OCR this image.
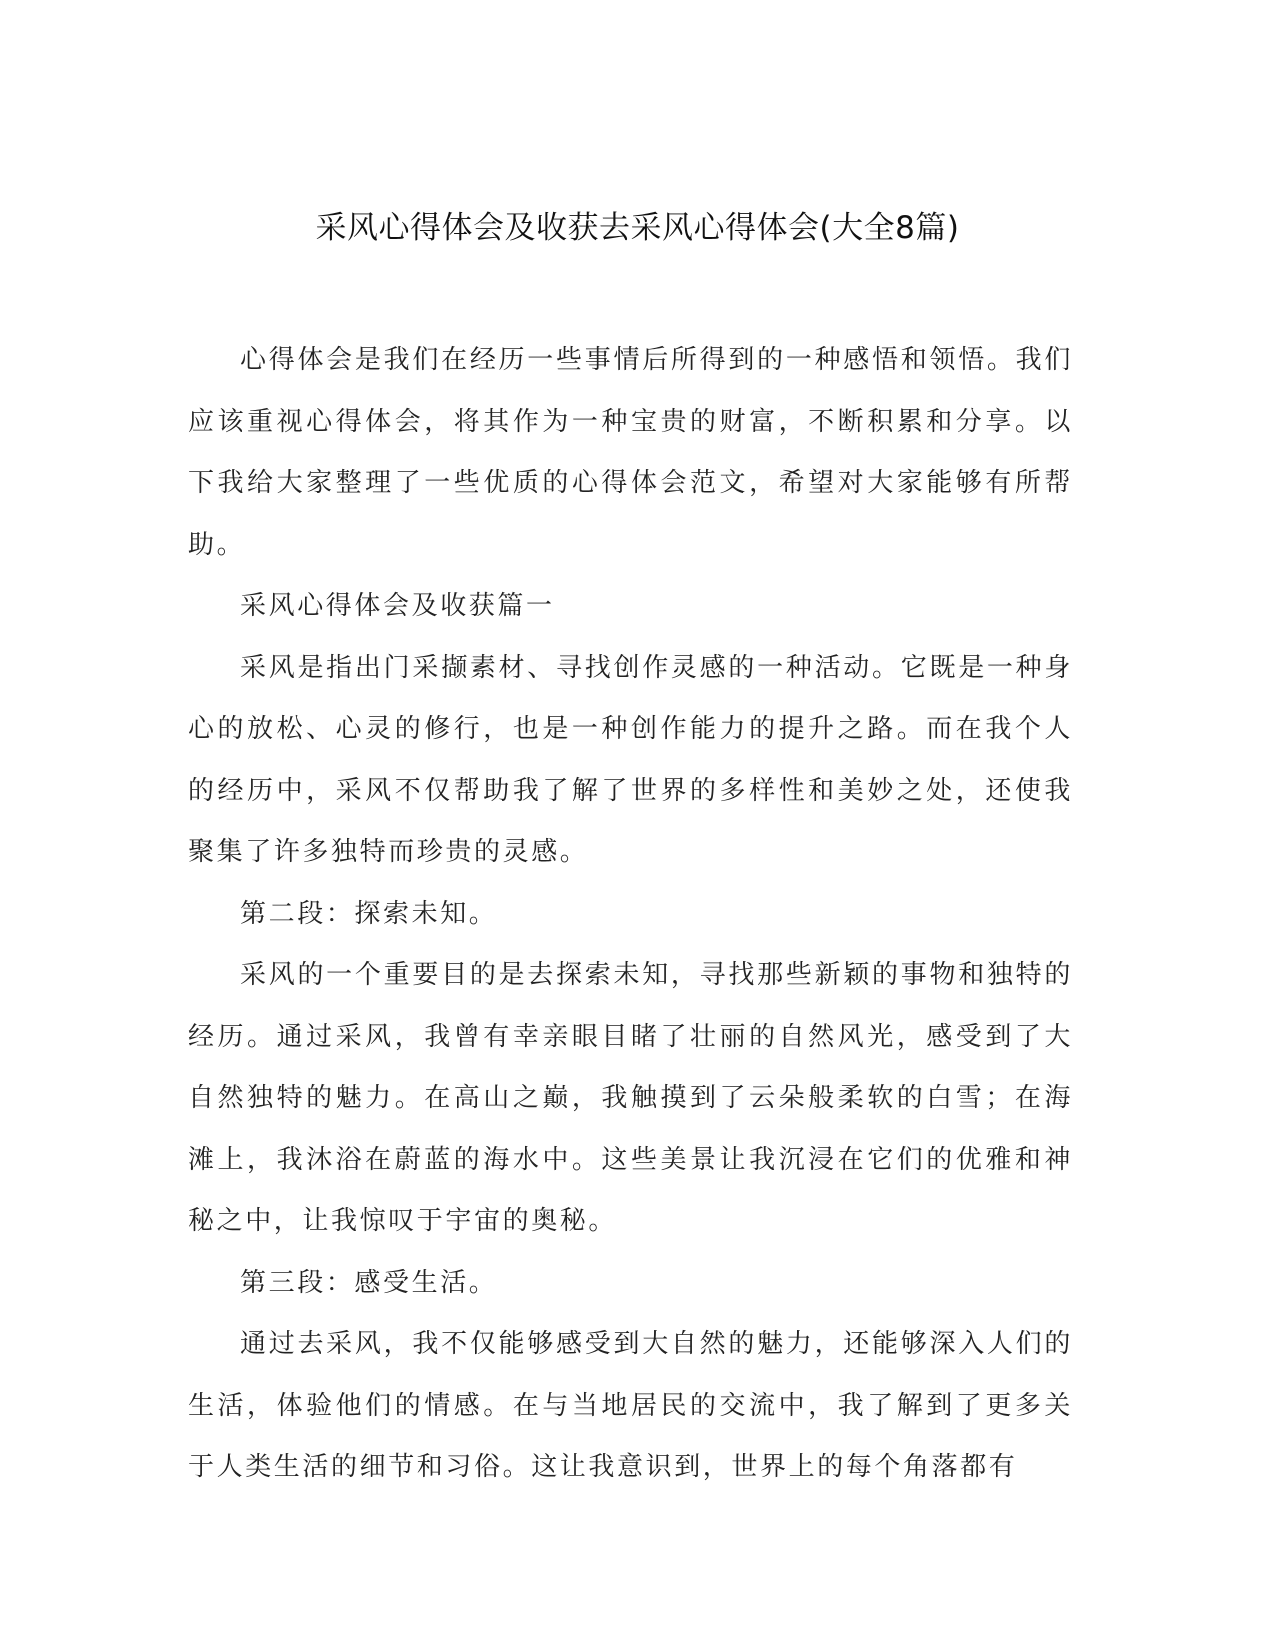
采风心得体会及收获去采风心得体会(大全8篇)

心得体会是我们在经历一些事情后所得到的一种感悟和领悟。我们应该重视心得体会，将其作为一种宝贵的财富，不断积累和分享。以下我给大家整理了一些优质的心得体会范文，希望对大家能够有所帮助。

采风心得体会及收获篇一

采风是指出门采撷素材、寻找创作灵感的一种活动。它既是一种身心的放松、心灵的修行，也是一种创作能力的提升之路。而在我个人的经历中，采风不仅帮助我了解了世界的多样性和美妙之处，还使我聚集了许多独特而珍贵的灵感。

第二段：探索未知。

采风的一个重要目的是去探索未知，寻找那些新颖的事物和独特的经历。通过采风，我曾有幸亲眼目睹了壮丽的自然风光，感受到了大自然独特的魅力。在高山之巅，我触摸到了云朵般柔软的白雪；在海滩上，我沐浴在蔚蓝的海水中。这些美景让我沉浸在它们的优雅和神秘之中，让我惊叹于宇宙的奥秘。

第三段：感受生活。

通过去采风，我不仅能够感受到大自然的魅力，还能够深入人们的生活，体验他们的情感。在与当地居民的交流中，我了解到了更多关于人类生活的细节和习俗。这让我意识到，世界上的每个角落都有
